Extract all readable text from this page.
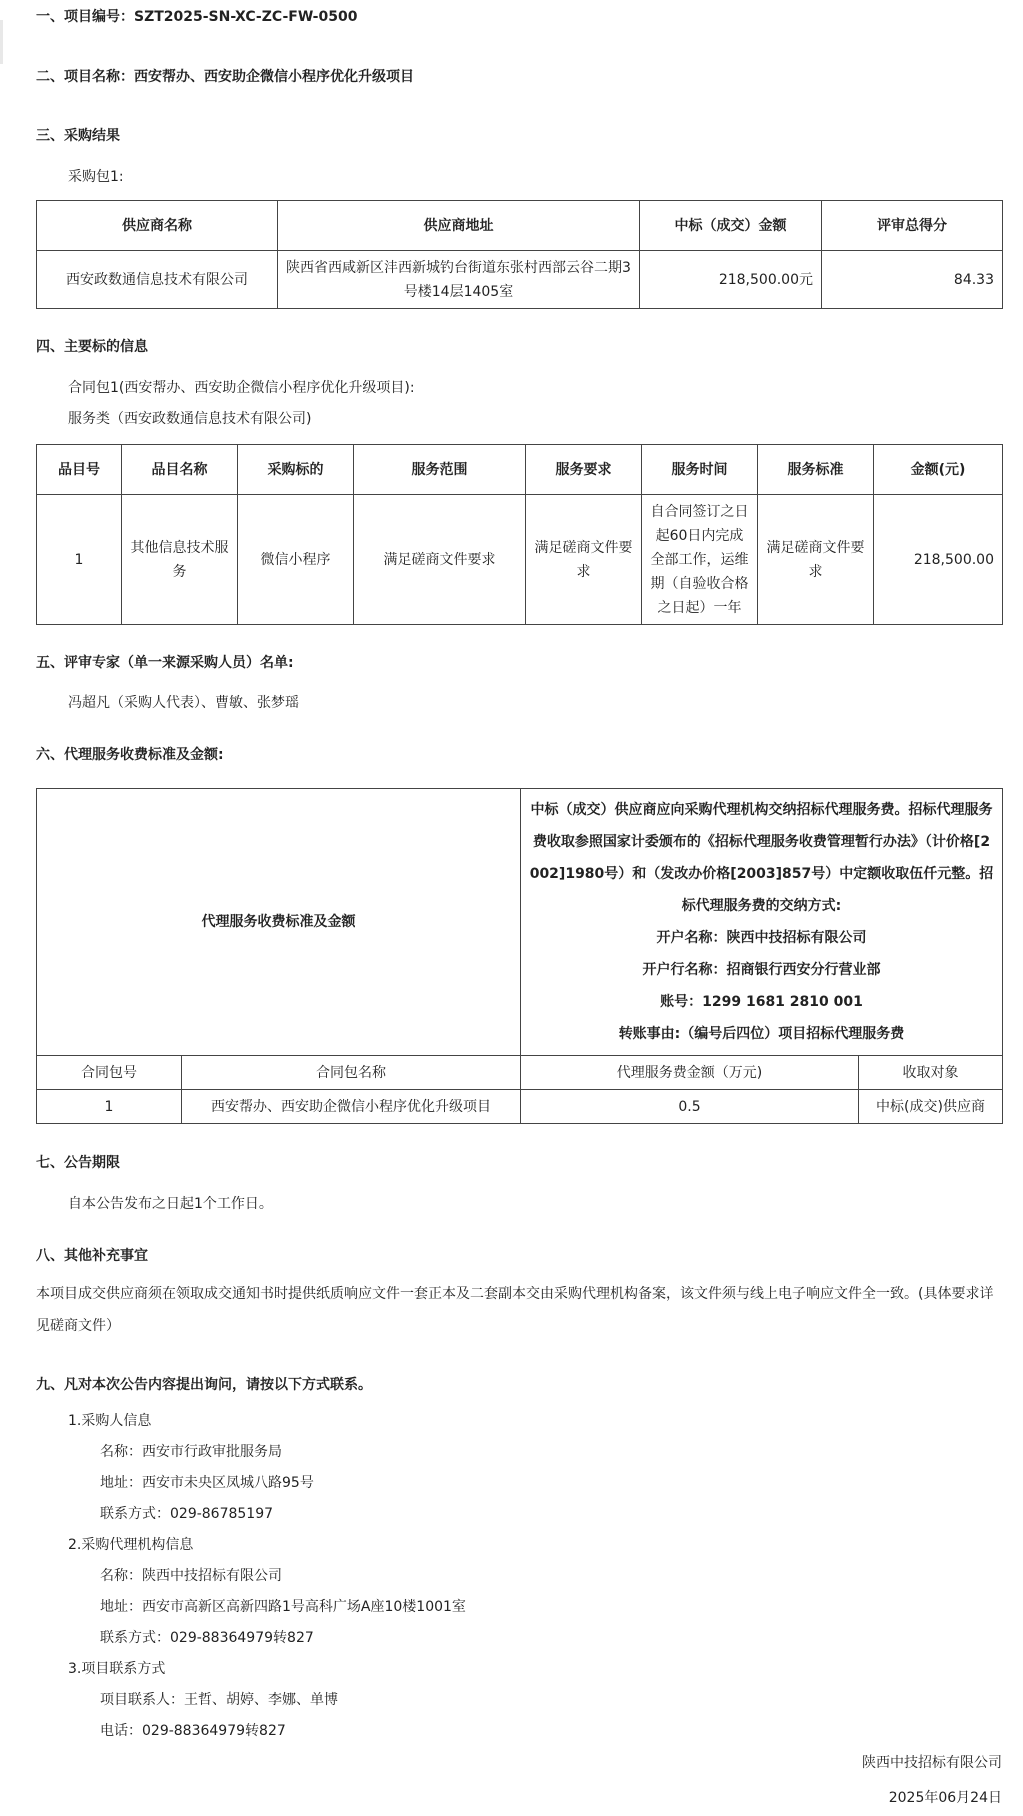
一、项目编号：SZT2025-SN-XC-ZC-FW-0500
二、项目名称：西安帮办、西安助企微信小程序优化升级项目
三、采购结果
采购包1:
供应商名称	供应商地址	中标（成交）金额	评审总得分
西安政数通信息技术有限公司	陕西省西咸新区沣西新城钓台街道东张村西部云谷二期3号楼14层1405室	218,500.00元	84.33
四、主要标的信息
合同包1(西安帮办、西安助企微信小程序优化升级项目):
服务类（西安政数通信息技术有限公司)
品目号	品目名称	采购标的	服务范围	服务要求	服务时间	服务标准	金额(元)
1	其他信息技术服务	微信小程序	满足磋商文件要求	满足磋商文件要求	自合同签订之日起60日内完成全部工作，运维期（自验收合格之日起）一年	满足磋商文件要求	218,500.00
五、评审专家（单一来源采购人员）名单:
冯超凡（采购人代表）、曹敏、张梦瑶
六、代理服务收费标准及金额:
代理服务收费标准及金额		中标（成交）供应商应向采购代理机构交纳招标代理服务费。招标代理服务费收取参照国家计委颁布的《招标代理服务收费管理暂行办法》（计价格[2002]1980号）和（发改办价格[2003]857号）中定额收取伍仟元整。招标代理服务费的交纳方式:
开户名称：陕西中技招标有限公司
开户行名称：招商银行西安分行营业部
账号：1299 1681 2810 001
转账事由:（编号后四位）项目招标代理服务费	

合同包号	合同包名称	代理服务费金额（万元)	收取对象
1	西安帮办、西安助企微信小程序优化升级项目	0.5	中标(成交)供应商
七、公告期限
自本公告发布之日起1个工作日。
八、其他补充事宜
本项目成交供应商须在领取成交通知书时提供纸质响应文件一套正本及二套副本交由采购代理机构备案，该文件须与线上电子响应文件全一致。(具体要求详见磋商文件）
九、凡对本次公告内容提出询问，请按以下方式联系。
1.采购人信息
名称：西安市行政审批服务局
地址：西安市未央区凤城八路95号
联系方式：029-86785197
2.采购代理机构信息
名称：陕西中技招标有限公司
地址：西安市高新区高新四路1号高科广场A座10楼1001室
联系方式：029-88364979转827
3.项目联系方式
项目联系人：王哲、胡婷、李娜、单博
电话：029-88364979转827
陕西中技招标有限公司
2025年06月24日
